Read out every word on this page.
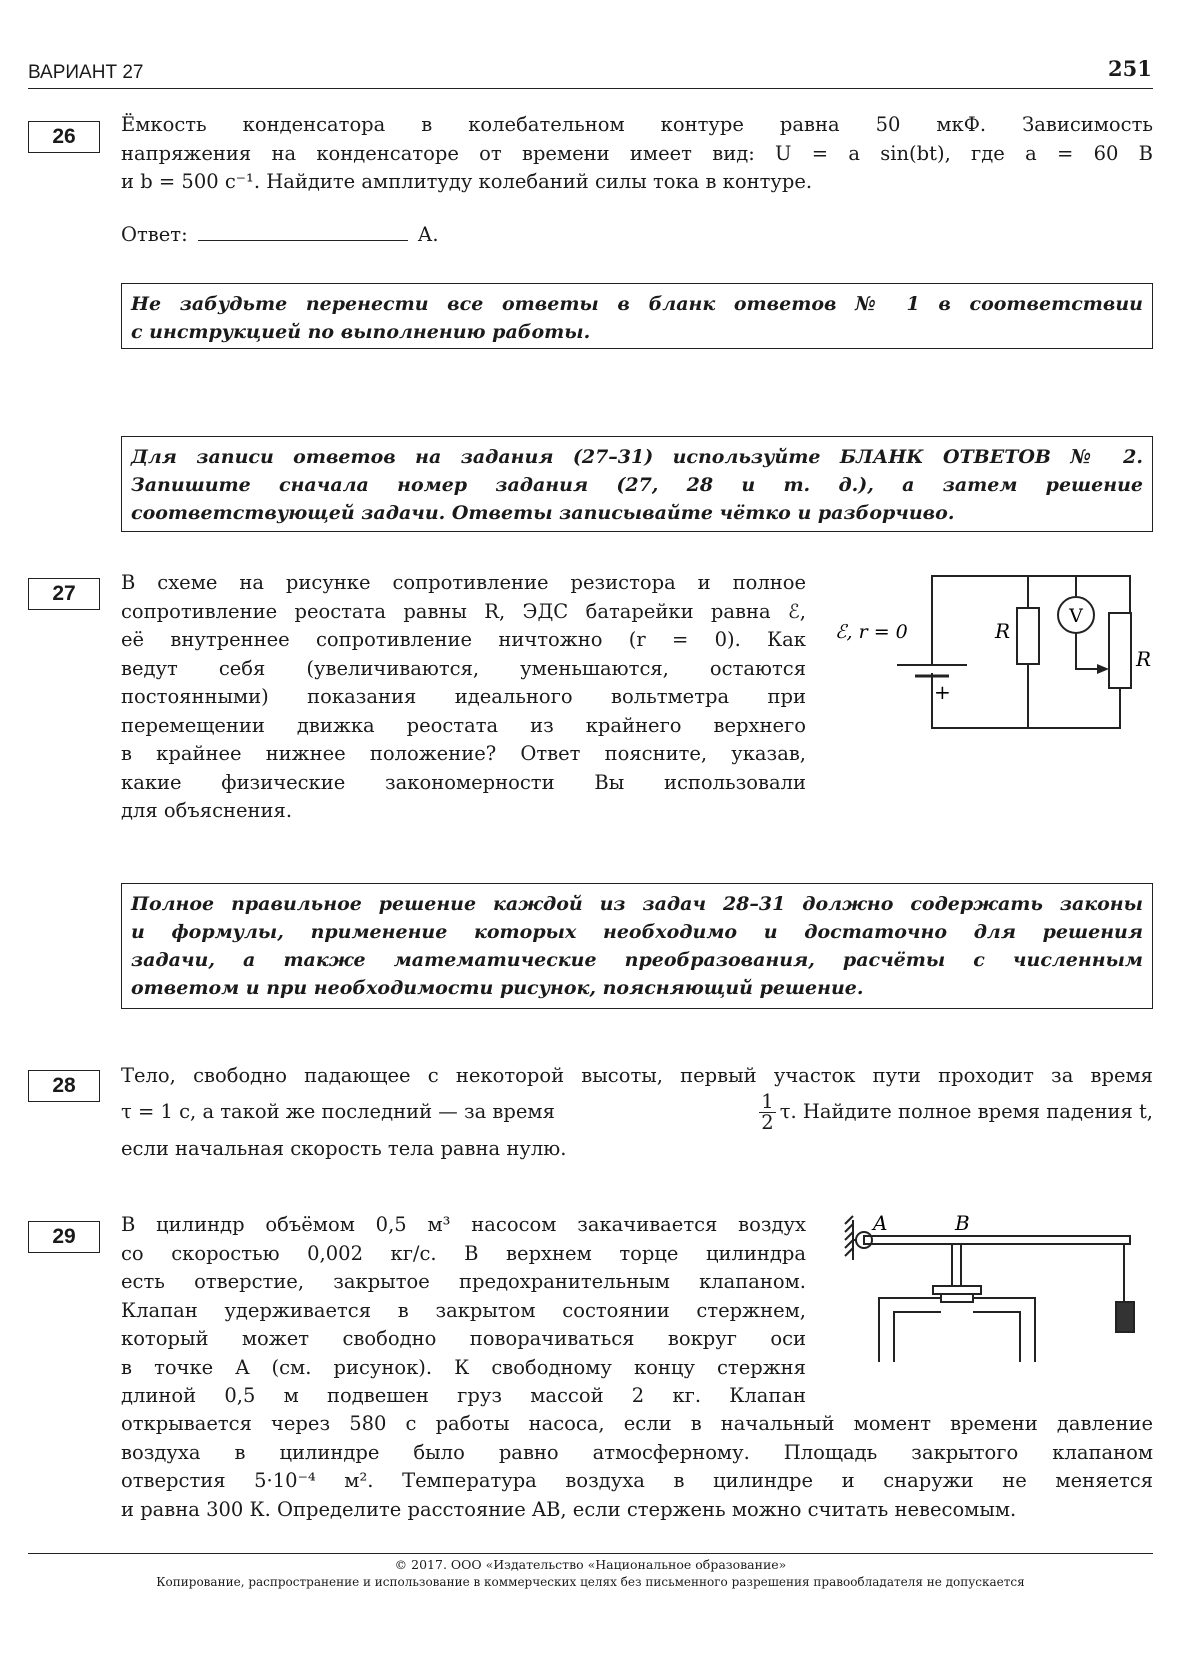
ВАРИАНТ 27	251
26

Ёмкость конденсатора в колебательном контуре равна 50 мкФ. Зависимость

напряжения на конденсаторе от времени имеет вид: U = a sin(bt), где a = 60 В

и b = 500 с⁻¹. Найдите амплитуду колебаний силы тока в контуре.

Ответ:	А.
Не забудьте перенести все ответы в бланк ответов № 1 в соответствии
с инструкцией по выполнению работы.
Для записи ответов на задания (27–31) используйте БЛАНК ОТВЕТОВ № 2.
Запишите сначала номер задания (27, 28 и т. д.), а затем решение
соответствующей задачи. Ответы записывайте чётко и разборчиво.
27	В схеме на рисунке сопротивление резистора и полное

сопротивление реостата равны R, ЭДС батарейки равна ℰ,

её внутреннее сопротивление ничтожно (r = 0). Как

ведут себя (увеличиваются, уменьшаются, остаются

постоянными) показания идеального вольтметра при

перемещении движка реостата из крайнего верхнего

в крайнее нижнее положение? Ответ поясните, указав,

какие физические закономерности Вы использовали

для объяснения.

ℰ, r = 0
+
R
V
R
Полное правильное решение каждой из задач 28–31 должно содержать законы
и формулы, применение которых необходимо и достаточно для решения
задачи, а также математические преобразования, расчёты с численным
ответом и при необходимости рисунок, поясняющий решение.
28	Тело, свободно падающее с некоторой высоты, первый участок пути проходит за время

τ = 1 с, а такой же последний — за время	$\frac{1}{2} \tau$. Найдите полное время падения t,

если начальная скорость тела равна нулю.

29

В цилиндр объёмом 0,5 м³ насосом закачивается воздух

со скоростью 0,002 кг/с. В верхнем торце цилиндра

есть отверстие, закрытое предохранительным клапаном.

Клапан удерживается в закрытом состоянии стержнем,

который может свободно поворачиваться вокруг оси

в точке A (см. рисунок). К свободному концу стержня

длиной 0,5 м подвешен груз массой 2 кг. Клапан

открывается через 580 с работы насоса, если в начальный момент времени давление

воздуха в цилиндре было равно атмосферному. Площадь закрытого клапаном

отверстия 5·10⁻⁴ м². Температура воздуха в цилиндре и снаружи не меняется

и равна 300 К. Определите расстояние AB, если стержень можно считать невесомым.

A	B
© 2017. ООО «Издательство «Национальное образование»
Копирование, распространение и использование в коммерческих целях без письменного разрешения правообладателя не допускается
